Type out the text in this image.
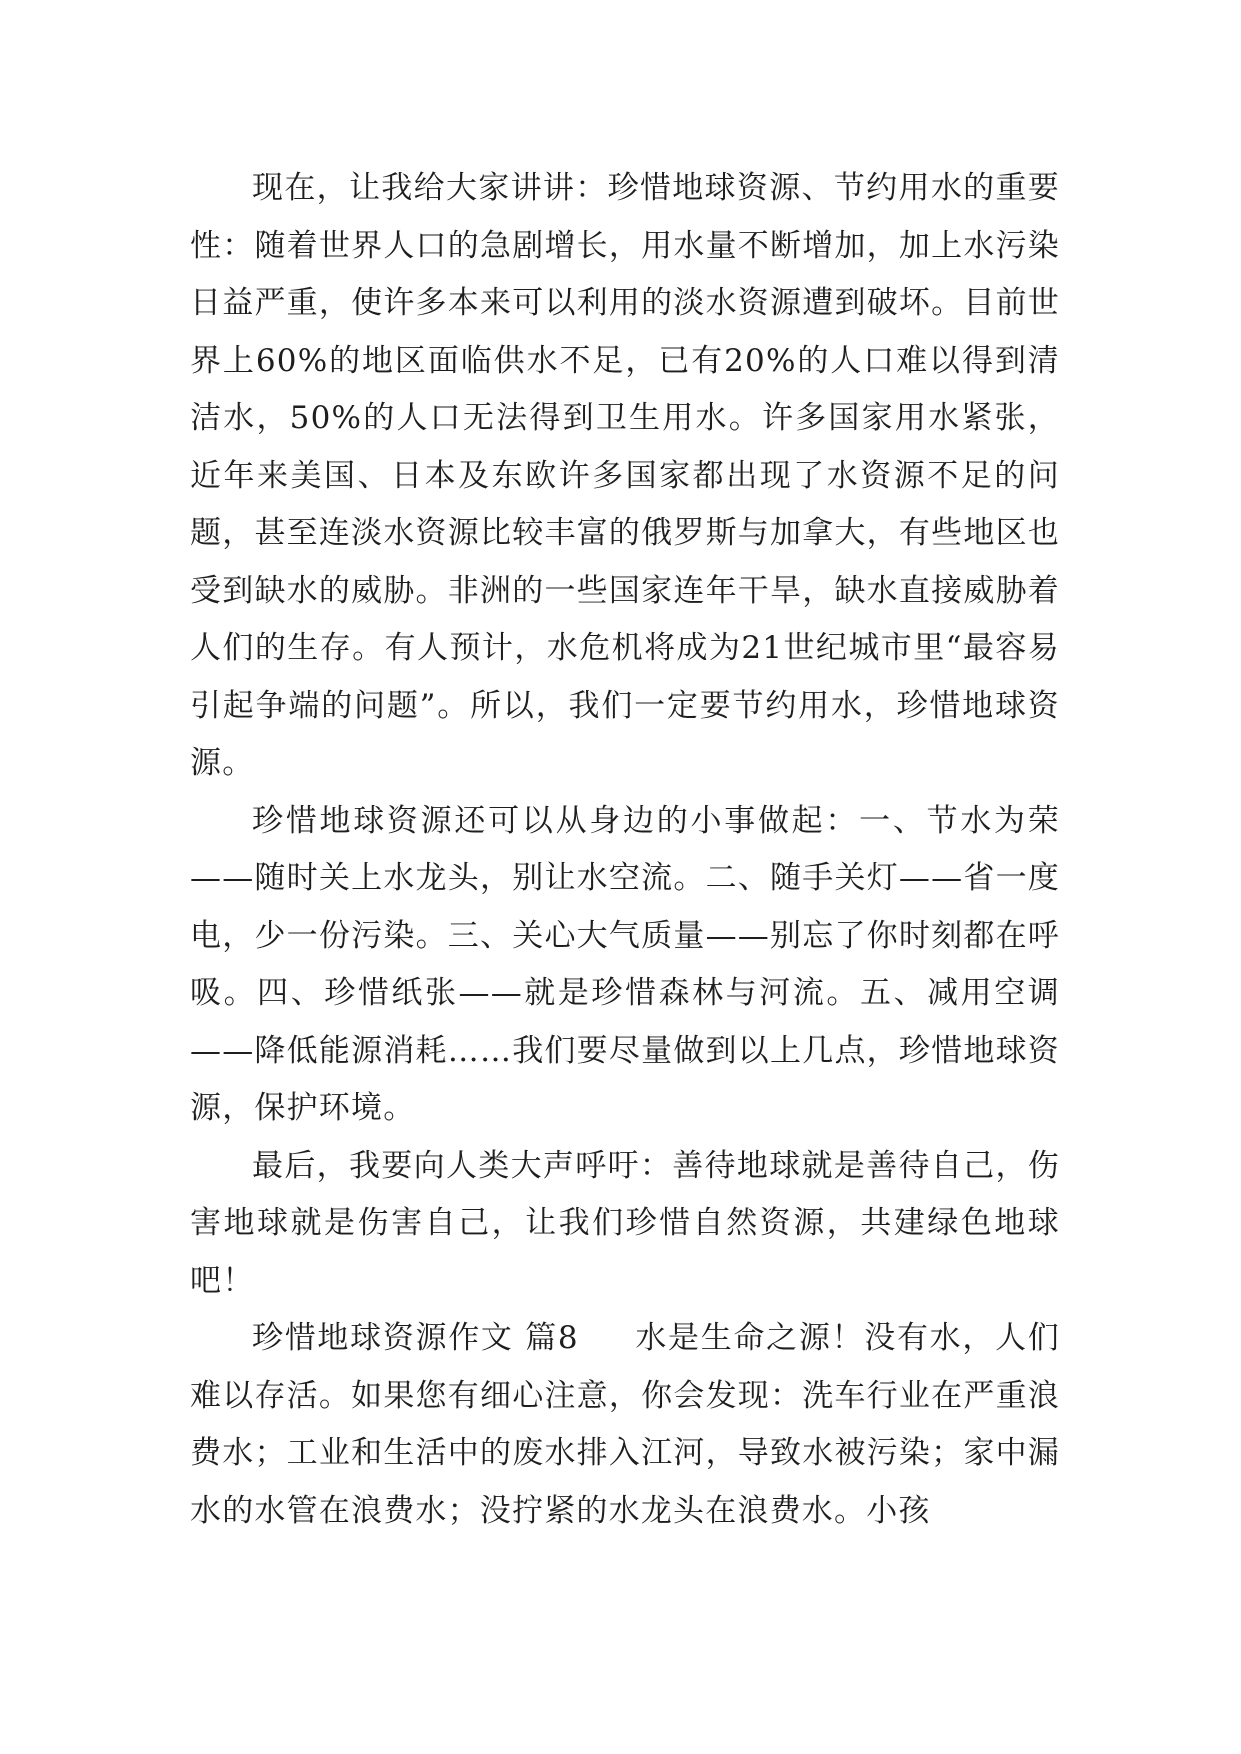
现在，让我给大家讲讲：珍惜地球资源、节约用水的重要性：随着世界人口的急剧增长，用水量不断增加，加上水污染日益严重，使许多本来可以利用的淡水资源遭到破坏。目前世界上60%的地区面临供水不足，已有20%的人口难以得到清洁水，50%的人口无法得到卫生用水。许多国家用水紧张，近年来美国、日本及东欧许多国家都出现了水资源不足的问题，甚至连淡水资源比较丰富的俄罗斯与加拿大，有些地区也受到缺水的威胁。非洲的一些国家连年干旱，缺水直接威胁着人们的生存。有人预计，水危机将成为21世纪城市里“最容易引起争端的问题”。所以，我们一定要节约用水，珍惜地球资源。

珍惜地球资源还可以从身边的小事做起：一、节水为荣——随时关上水龙头，别让水空流。二、随手关灯——省一度电，少一份污染。三、关心大气质量——别忘了你时刻都在呼吸。四、珍惜纸张——就是珍惜森林与河流。五、减用空调——降低能源消耗……我们要尽量做到以上几点，珍惜地球资源，保护环境。

最后，我要向人类大声呼吁：善待地球就是善待自己，伤害地球就是伤害自己，让我们珍惜自然资源，共建绿色地球吧！

珍惜地球资源作文 篇8 水是生命之源！没有水，人们难以存活。如果您有细心注意，你会发现：洗车行业在严重浪费水；工业和生活中的废水排入江河，导致水被污染；家中漏水的水管在浪费水；没拧紧的水龙头在浪费水。小孩
